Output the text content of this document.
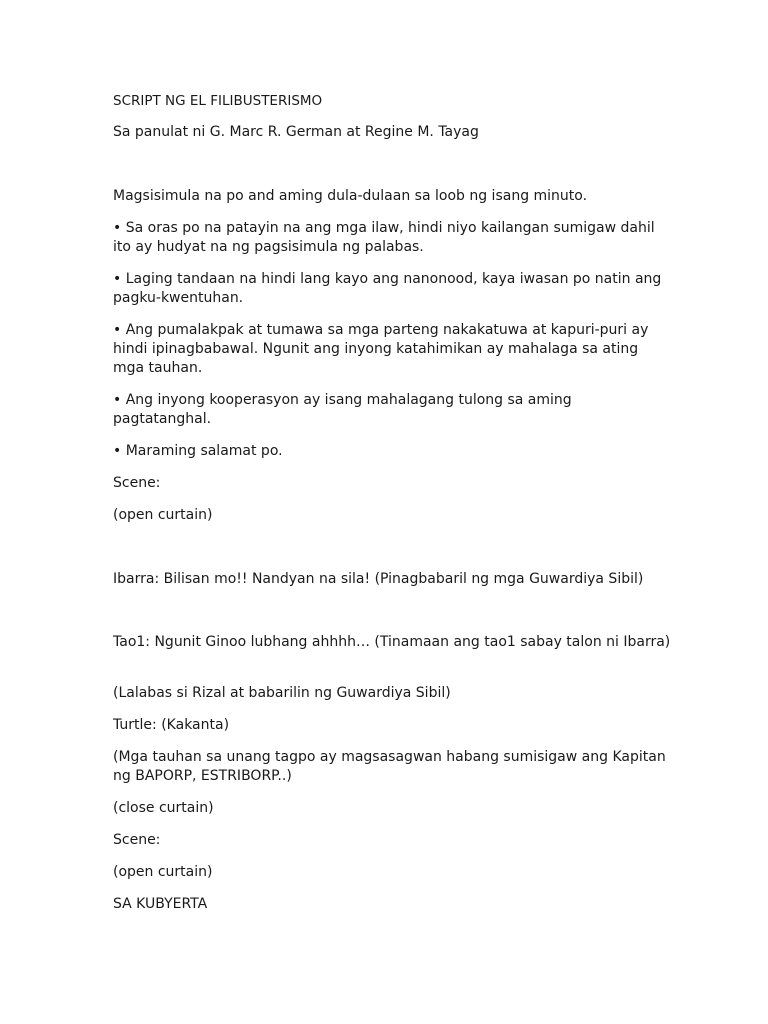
SCRIPT NG EL FILIBUSTERISMO

Sa panulat ni G. Marc R. German at Regine M. Tayag

Magsisimula na po and aming dula-dulaan sa loob ng isang minuto.

• Sa oras po na patayin na ang mga ilaw, hindi niyo kailangan sumigaw dahil ito ay hudyat na ng pagsisimula ng palabas.

• Laging tandaan na hindi lang kayo ang nanonood, kaya iwasan po natin ang pagku-kwentuhan.

• Ang pumalakpak at tumawa sa mga parteng nakakatuwa at kapuri-puri ay hindi ipinagbabawal. Ngunit ang inyong katahimikan ay mahalaga sa ating mga tauhan.

• Ang inyong kooperasyon ay isang mahalagang tulong sa aming pagtatanghal.

• Maraming salamat po.

Scene:

(open curtain)

Ibarra: Bilisan mo!! Nandyan na sila! (Pinagbabaril ng mga Guwardiya Sibil)

Tao1: Ngunit Ginoo lubhang ahhhh… (Tinamaan ang tao1 sabay talon ni Ibarra)

(Lalabas si Rizal at babarilin ng Guwardiya Sibil)

Turtle: (Kakanta)

(Mga tauhan sa unang tagpo ay magsasagwan habang sumisigaw ang Kapitan ng BAPORP, ESTRIBORP..)

(close curtain)

Scene:

(open curtain)

SA KUBYERTA
